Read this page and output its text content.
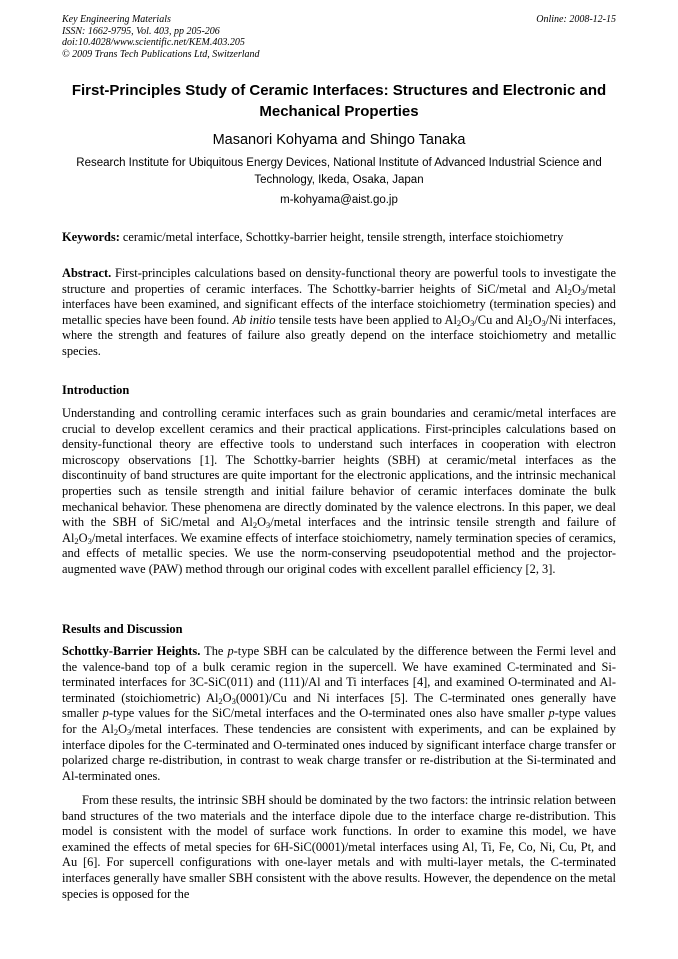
Key Engineering Materials
ISSN: 1662-9795, Vol. 403, pp 205-206
doi:10.4028/www.scientific.net/KEM.403.205
© 2009 Trans Tech Publications Ltd, Switzerland
Online: 2008-12-15
First-Principles Study of Ceramic Interfaces: Structures and Electronic and Mechanical Properties
Masanori Kohyama and Shingo Tanaka
Research Institute for Ubiquitous Energy Devices, National Institute of Advanced Industrial Science and Technology, Ikeda, Osaka, Japan
m-kohyama@aist.go.jp

Keywords: ceramic/metal interface, Schottky-barrier height, tensile strength, interface stoichiometry

Abstract. First-principles calculations based on density-functional theory are powerful tools to investigate the structure and properties of ceramic interfaces. The Schottky-barrier heights of SiC/metal and $Al_2O_3$/metal interfaces have been examined, and significant effects of the interface stoichiometry (termination species) and metallic species have been found. Ab initio tensile tests have been applied to $Al_2O_3/Cu$ and $Al_2O_3/Ni$ interfaces, where the strength and features of failure also greatly depend on the interface stoichiometry and metallic species.

Introduction

Understanding and controlling ceramic interfaces such as grain boundaries and ceramic/metal interfaces are crucial to develop excellent ceramics and their practical applications. First-principles calculations based on density-functional theory are effective tools to understand such interfaces in cooperation with electron microscopy observations [1]. The Schottky-barrier heights (SBH) at ceramic/metal interfaces as the discontinuity of band structures are quite important for the electronic applications, and the intrinsic mechanical properties such as tensile strength and initial failure behavior of ceramic interfaces dominate the bulk mechanical behavior. These phenomena are directly dominated by the valence electrons. In this paper, we deal with the SBH of SiC/metal and $Al_2O_3$/metal interfaces and the intrinsic tensile strength and failure of $Al_2O_3$/metal interfaces. We examine effects of interface stoichiometry, namely termination species of ceramics, and effects of metallic species. We use the norm-conserving pseudopotential method and the projector-augmented wave (PAW) method through our original codes with excellent parallel efficiency [2, 3].

Results and Discussion

Schottky-Barrier Heights. The p-type SBH can be calculated by the difference between the Fermi level and the valence-band top of a bulk ceramic region in the supercell. We have examined C-terminated and Si-terminated interfaces for 3C-SiC(011) and (111)/Al and Ti interfaces [4], and examined O-terminated and Al-terminated (stoichiometric) $Al_2O_3(0001)/Cu$ and Ni interfaces [5]. The C-terminated ones generally have smaller p-type values for the SiC/metal interfaces and the O-terminated ones also have smaller p-type values for the $Al_2O_3$/metal interfaces. These tendencies are consistent with experiments, and can be explained by interface dipoles for the C-terminated and O-terminated ones induced by significant interface charge transfer or polarized charge re-distribution, in contrast to weak charge transfer or re-distribution at the Si-terminated and Al-terminated ones.

From these results, the intrinsic SBH should be dominated by the two factors: the intrinsic relation between band structures of the two materials and the interface dipole due to the interface charge re-distribution. This model is consistent with the model of surface work functions. In order to examine this model, we have examined the effects of metal species for 6H-SiC(0001)/metal interfaces using Al, Ti, Fe, Co, Ni, Cu, Pt, and Au [6]. For supercell configurations with one-layer metals and with multi-layer metals, the C-terminated interfaces generally have smaller SBH consistent with the above results. However, the dependence on the metal species is opposed for the
